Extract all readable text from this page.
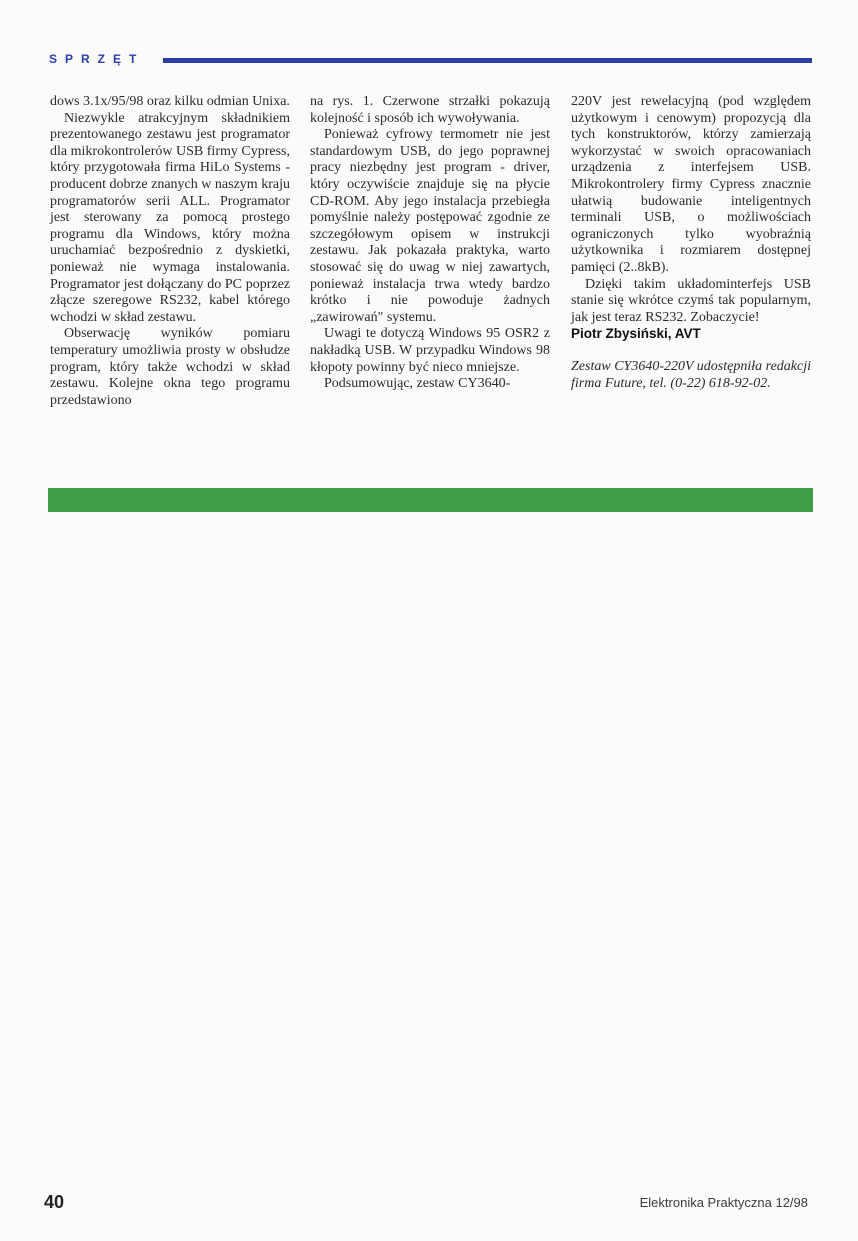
SPRZĘT

dows 3.1x/95/98 oraz kilku odmian Unixa.

Niezwykle atrakcyjnym składnikiem prezentowanego zestawu jest programator dla mikrokontrolerów USB firmy Cypress, który przygotowała firma HiLo Systems - producent dobrze znanych w naszym kraju programatorów serii ALL. Programator jest sterowany za pomocą prostego programu dla Windows, który można uruchamiać bezpośrednio z dyskietki, ponieważ nie wymaga instalowania. Programator jest dołączany do PC poprzez złącze szeregowe RS232, kabel którego wchodzi w skład zestawu.

Obserwację wyników pomiaru temperatury umożliwia prosty w obsłudze program, który także wchodzi w skład zestawu. Kolejne okna tego programu przedstawiono

na rys. 1. Czerwone strzałki pokazują kolejność i sposób ich wywoływania.

Ponieważ cyfrowy termometr nie jest standardowym USB, do jego poprawnej pracy niezbędny jest program - driver, który oczywiście znajduje się na płycie CD-ROM. Aby jego instalacja przebiegła pomyślnie należy postępować zgodnie ze szczegółowym opisem w instrukcji zestawu. Jak pokazała praktyka, warto stosować się do uwag w niej zawartych, ponieważ instalacja trwa wtedy bardzo krótko i nie powoduje żadnych „zawirowań" systemu.

Uwagi te dotyczą Windows 95 OSR2 z nakładką USB. W przypadku Windows 98 kłopoty powinny być nieco mniejsze.

Podsumowując, zestaw CY3640-

220V jest rewelacyjną (pod względem użytkowym i cenowym) propozycją dla tych konstruktorów, którzy zamierzają wykorzystać w swoich opracowaniach urządzenia z interfejsem USB. Mikrokontrolery firmy Cypress znacznie ułatwią budowanie inteligentnych terminali USB, o możliwościach ograniczonych tylko wyobraźnią użytkownika i rozmiarem dostępnej pamięci (2..8kB).

Dzięki takim układominterfejs USB stanie się wkrótce czymś tak popularnym, jak jest teraz RS232. Zobaczycie!

Piotr Zbysiński, AVT

Zestaw CY3640-220V udostępniła redakcji firma Future, tel. (0-22) 618-92-02.

40	Elektronika Praktyczna 12/98
